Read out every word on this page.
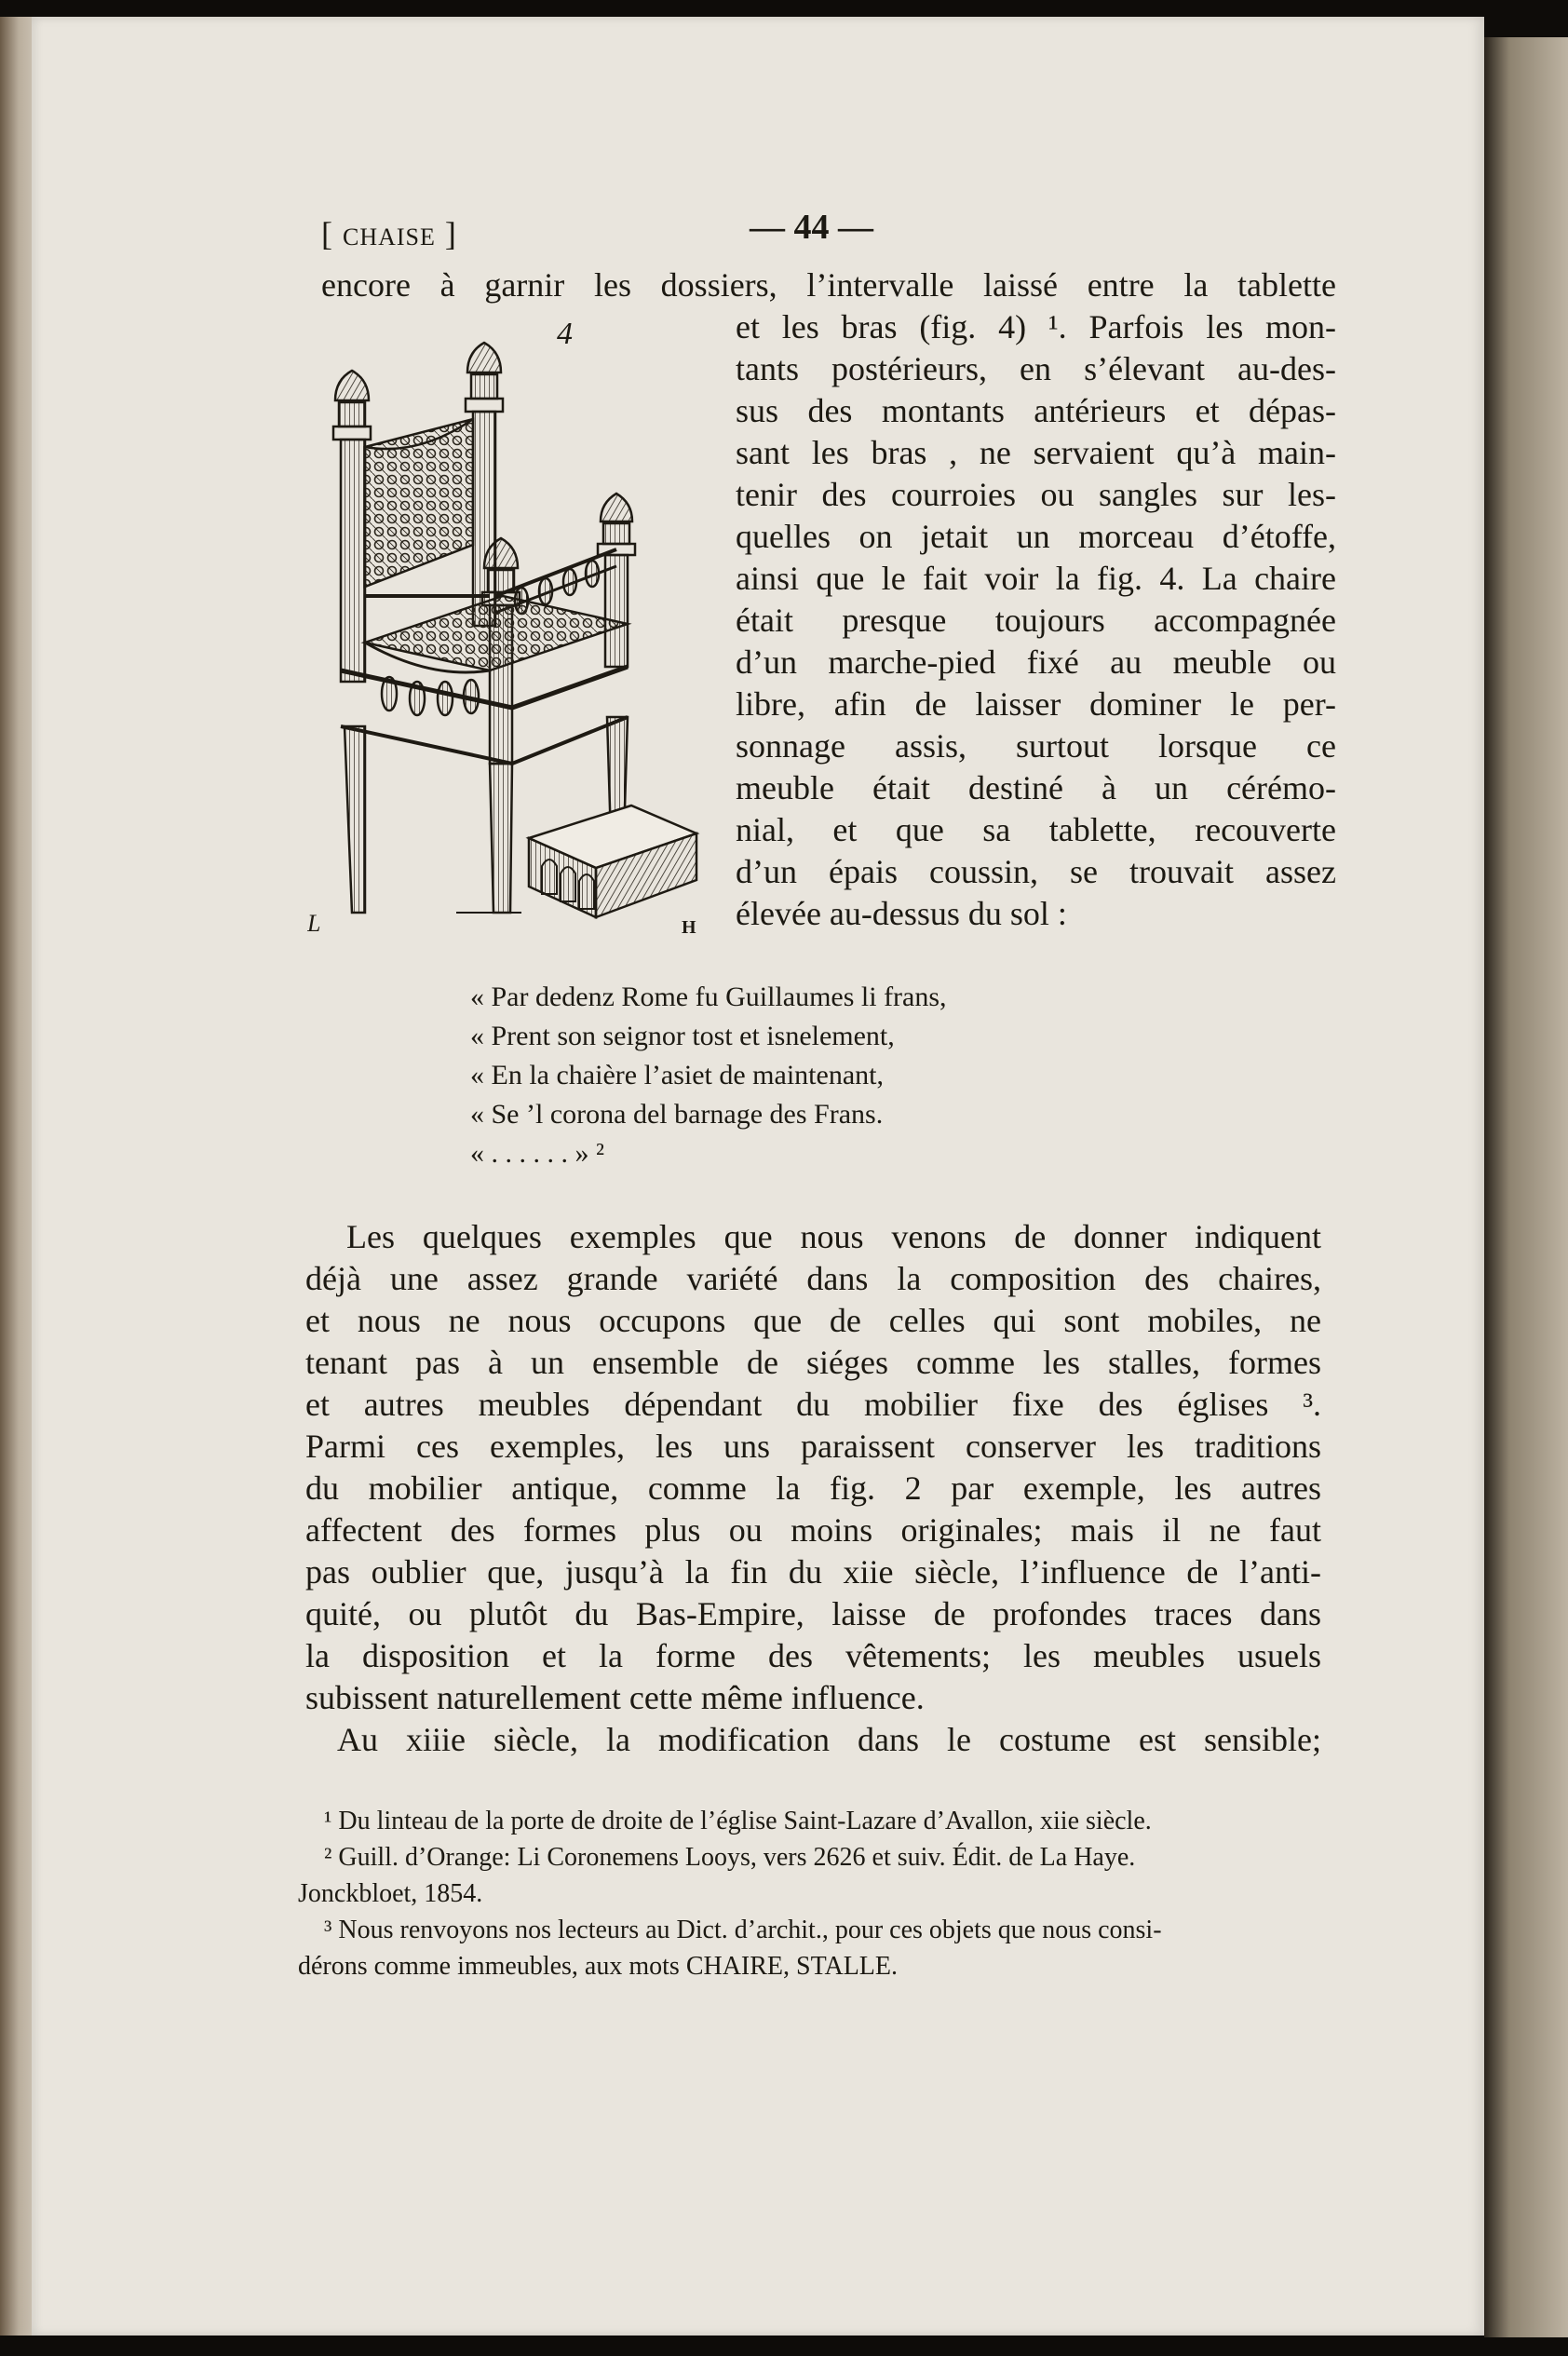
[ CHAISE ]	— 44 —
encore à garnir les dossiers, l’intervalle laissé entre la tablette
4
L	H
et les bras (fig. 4) ¹. Parfois les mon-
tants postérieurs, en s’élevant au-des-
sus des montants antérieurs et dépas-
sant les bras , ne servaient qu’à main-
tenir des courroies ou sangles sur les-
quelles on jetait un morceau d’étoffe,
ainsi que le fait voir la fig. 4. La chaire
était presque toujours accompagnée
d’un marche-pied fixé au meuble ou
libre, afin de laisser dominer le per-
sonnage assis, surtout lorsque ce
meuble était destiné à un cérémo-
nial, et que sa tablette, recouverte
d’un épais coussin, se trouvait assez
élevée au-dessus du sol :
« Par dedenz Rome fu Guillaumes li frans,
« Prent son seignor tost et isnelement,
« En la chaière l’asiet de maintenant,
« Se ’l corona del barnage des Frans.
« . . . . . . » ²
Les quelques exemples que nous venons de donner indiquent
déjà une assez grande variété dans la composition des chaires,
et nous ne nous occupons que de celles qui sont mobiles, ne
tenant pas à un ensemble de siéges comme les stalles, formes
et autres meubles dépendant du mobilier fixe des églises ³.
Parmi ces exemples, les uns paraissent conserver les traditions
du mobilier antique, comme la fig. 2 par exemple, les autres
affectent des formes plus ou moins originales; mais il ne faut
pas oublier que, jusqu’à la fin du xiie siècle, l’influence de l’anti-
quité, ou plutôt du Bas-Empire, laisse de profondes traces dans
la disposition et la forme des vêtements; les meubles usuels
subissent naturellement cette même influence.
Au xiiie siècle, la modification dans le costume est sensible;
¹ Du linteau de la porte de droite de l’église Saint-Lazare d’Avallon, xiie siècle.
² Guill. d’Orange: Li Coronemens Looys, vers 2626 et suiv. Édit. de La Haye.
Jonckbloet, 1854.
³ Nous renvoyons nos lecteurs au Dict. d’archit., pour ces objets que nous consi-
dérons comme immeubles, aux mots CHAIRE, STALLE.
